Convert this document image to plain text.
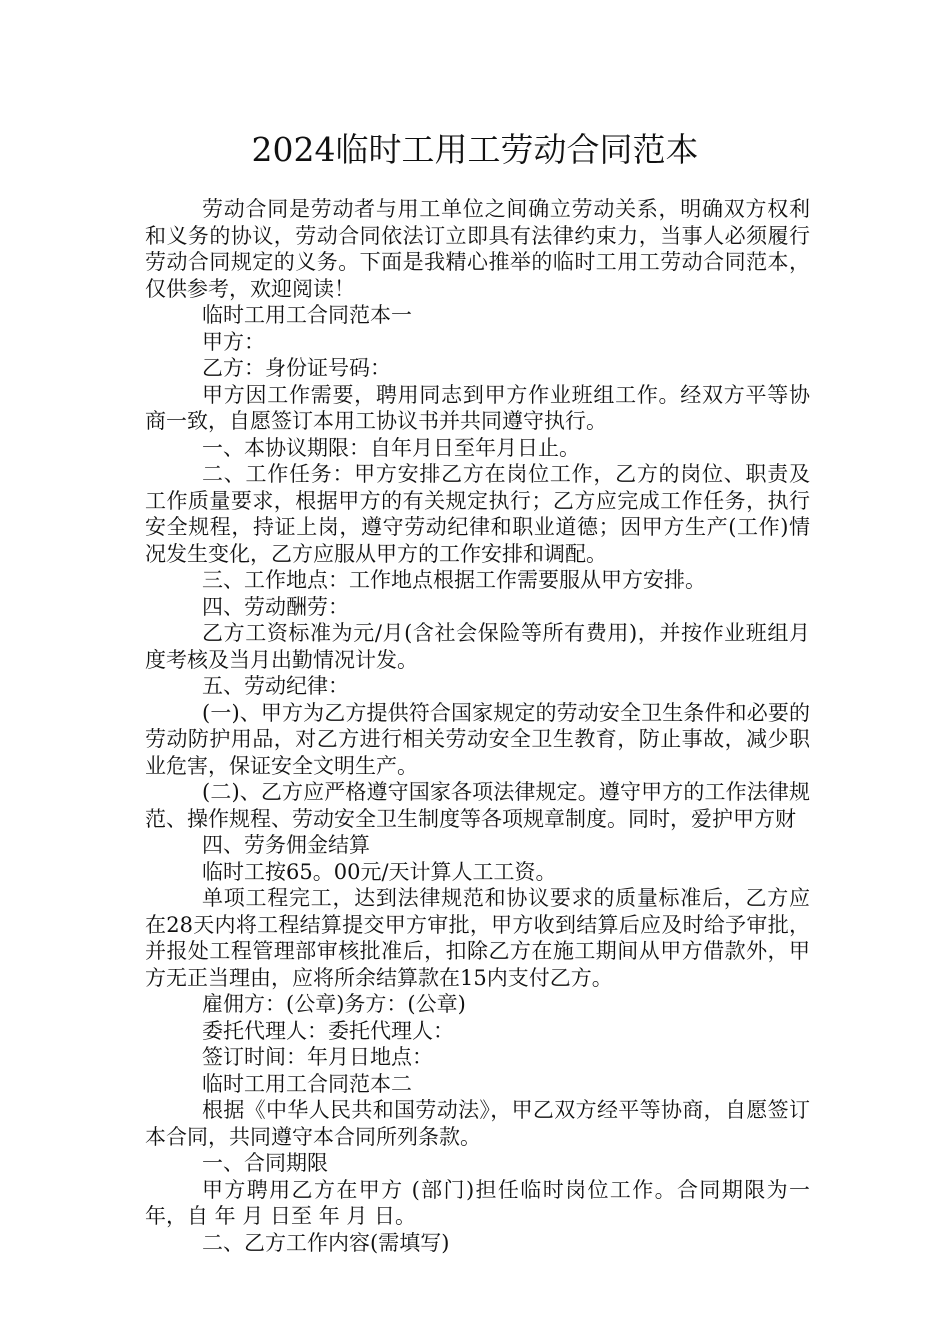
2024临时工用工劳动合同范本

劳动合同是劳动者与用工单位之间确立劳动关系，明确双方权利和义务的协议，劳动合同依法订立即具有法律约束力，当事人必须履行劳动合同规定的义务。下面是我精心推举的临时工用工劳动合同范本，仅供参考，欢迎阅读！

临时工用工合同范本一

甲方：

乙方：身份证号码：

甲方因工作需要，聘用同志到甲方作业班组工作。经双方平等协商一致，自愿签订本用工协议书并共同遵守执行。

一、本协议期限：自年月日至年月日止。

二、工作任务：甲方安排乙方在岗位工作，乙方的岗位、职责及工作质量要求，根据甲方的有关规定执行；乙方应完成工作任务，执行安全规程，持证上岗，遵守劳动纪律和职业道德；因甲方生产(工作)情况发生变化，乙方应服从甲方的工作安排和调配。

三、工作地点：工作地点根据工作需要服从甲方安排。

四、劳动酬劳：

乙方工资标准为元/月(含社会保险等所有费用)，并按作业班组月度考核及当月出勤情况计发。

五、劳动纪律：

(一)、甲方为乙方提供符合国家规定的劳动安全卫生条件和必要的劳动防护用品，对乙方进行相关劳动安全卫生教育，防止事故，减少职业危害，保证安全文明生产。

(二)、乙方应严格遵守国家各项法律规定。遵守甲方的工作法律规范、操作规程、劳动安全卫生制度等各项规章制度。同时，爱护甲方财

四、劳务佣金结算

临时工按65。00元/天计算人工工资。

单项工程完工，达到法律规范和协议要求的质量标准后，乙方应在28天内将工程结算提交甲方审批，甲方收到结算后应及时给予审批，并报处工程管理部审核批准后，扣除乙方在施工期间从甲方借款外，甲方无正当理由，应将所余结算款在15内支付乙方。

雇佣方：(公章)务方：(公章)

委托代理人：委托代理人：

签订时间：年月日地点：

临时工用工合同范本二

根据《中华人民共和国劳动法》，甲乙双方经平等协商，自愿签订本合同，共同遵守本合同所列条款。

一、合同期限

甲方聘用乙方在甲方 (部门)担任临时岗位工作。合同期限为一年，自 年 月 日至 年 月 日。

二、乙方工作内容(需填写)
